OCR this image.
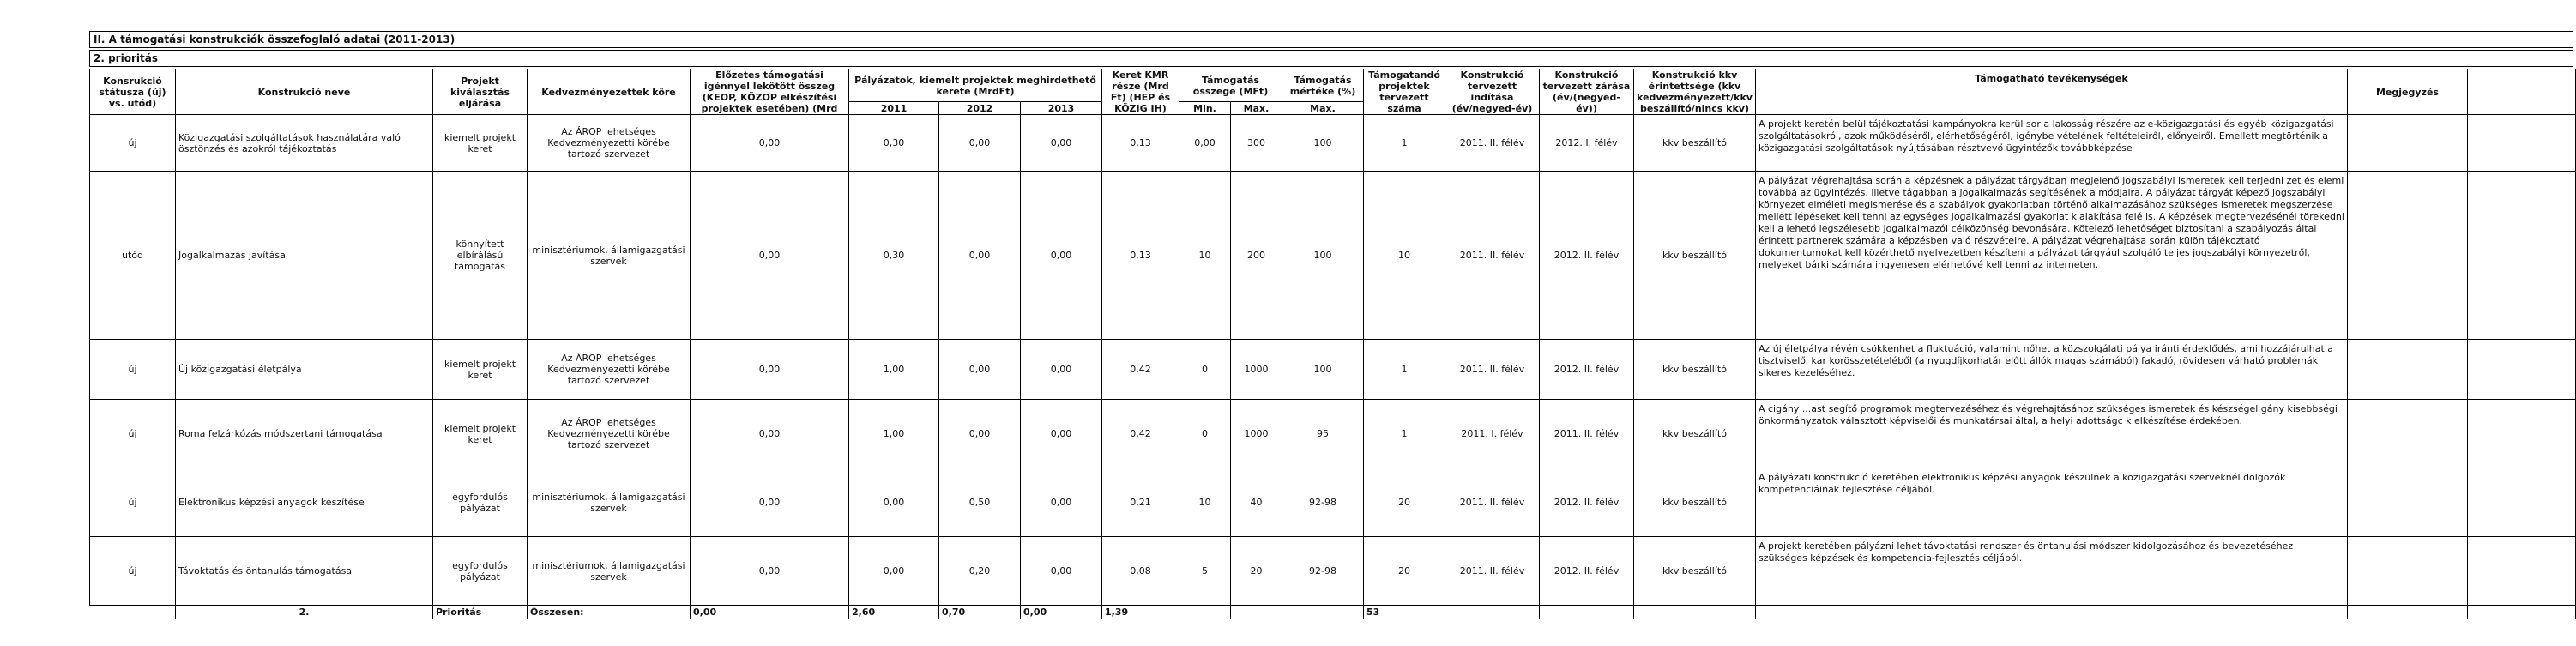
II. A támogatási konstrukciók összefoglaló adatai (2011-2013)
2. prioritás
Konsrukció státusza (új) vs. utód)	Konstrukció neve	Projekt kiválasztás eljárása	Kedvezményezettek köre	Előzetes támogatási igénnyel lekötött összeg (KEOP, KÖZOP elkészítési projektek esetében) (Mrd	Pályázatok, kiemelt projektek meghirdethető kerete (MrdFt)			Keret KMR része (Mrd Ft) (HEP és KÖZIG IH)	Támogatás összege (MFt)		Támogatás mértéke (%)	Támogatandó projektek tervezett száma	Konstrukció tervezett indítása (év/negyed-év)	Konstrukció tervezett zárása (év/(negyed-év))	Konstrukció kkv érintettsége (kkv kedvezményezett/kkv beszállító/nincs kkv)	Támogatható tevékenységek	Megjegyzés	
					2011	2012	2013		Min.	Max.	Max.							
új	Közigazgatási szolgáltatások használatára való ösztönzés és azokról tájékoztatás	kiemelt projekt keret	Az ÁROP lehetséges Kedvezményezetti körébe tartozó szervezet	0,00	0,30	0,00	0,00	0,13	0,00	300	100	1	2011. II. félév	2012. I. félév	kkv beszállító	A projekt keretén belül tájékoztatási kampányokra kerül sor a lakosság részére az e-közigazgatási és egyéb közigazgatási szolgáltatásokról, azok működéséről, elérhetőségéről, igénybe vételének feltételeiről, előnyeiről. Emellett megtörténik a közigazgatási szolgáltatások nyújtásában résztvevő ügyintézők továbbképzése		
utód	Jogalkalmazás javítása	könnyített elbírálású támogatás	minisztériumok, államigazgatási szervek	0,00	0,30	0,00	0,00	0,13	10	200	100	10	2011. II. félév	2012. II. félév	kkv beszállító	A pályázat végrehajtása során a képzésnek a pályázat tárgyában megjelenő jogszabályi ismeretek kell terjedni zet és elemi továbbá az ügyintézés, illetve tágabban a jogalkalmazás segítésének a módjaira. A pályázat tárgyát képező jogszabályi környezet elméleti megismerése és a szabályok gyakorlatban történő alkalmazásához szükséges ismeretek megszerzése mellett lépéseket kell tenni az egységes jogalkalmazási gyakorlat kialakítása felé is. A képzések megtervezésénél törekedni kell a lehető legszélesebb jogalkalmazói célközönség bevonására. Kötelező lehetőséget biztosítani a szabályozás által érintett partnerek számára a képzésben való részvételre. A pályázat végrehajtása során külön tájékoztató dokumentumokat kell közérthető nyelvezetben készíteni a pályázat tárgyául szolgáló teljes jogszabályi környezetről, melyeket bárki számára ingyenesen elérhetővé kell tenni az interneten.		
új	Új közigazgatási életpálya	kiemelt projekt keret	Az ÁROP lehetséges Kedvezményezetti körébe tartozó szervezet	0,00	1,00	0,00	0,00	0,42	0	1000	100	1	2011. II. félév	2012. II. félév	kkv beszállító	Az új életpálya révén csökkenhet a fluktuáció, valamint nőhet a közszolgálati pálya iránti érdeklődés, ami hozzájárulhat a tisztviselői kar korösszetételéből (a nyugdíjkorhatár előtt állók magas számából) fakadó, rövidesen várható problémák sikeres kezeléséhez.		
új	Roma felzárkózás módszertani támogatása	kiemelt projekt keret	Az ÁROP lehetséges Kedvezményezetti körébe tartozó szervezet	0,00	1,00	0,00	0,00	0,42	0	1000	95	1	2011. I. félév	2011. II. félév	kkv beszállító	A cigány ...ast segítő programok megtervezéséhez és végrehajtásához szükséges ismeretek és készségel gány kisebbségi önkormányzatok választott képviselői és munkatársai által, a helyi adottságc k elkészítése érdekében.		
új	Elektronikus képzési anyagok készítése	egyfordulós pályázat	minisztériumok, államigazgatási szervek	0,00	0,00	0,50	0,00	0,21	10	40	92-98	20	2011. II. félév	2012. II. félév	kkv beszállító	A pályázati konstrukció keretében elektronikus képzési anyagok készülnek a közigazgatási szerveknél dolgozók kompetenciáinak fejlesztése céljából.		
új	Távoktatás és öntanulás támogatása	egyfordulós pályázat	minisztériumok, államigazgatási szervek	0,00	0,00	0,20	0,00	0,08	5	20	92-98	20	2011. II. félév	2012. II. félév	kkv beszállító	A projekt keretében pályázni lehet távoktatási rendszer és öntanulási módszer kidolgozásához és bevezetéséhez szükséges képzések és kompetencia-fejlesztés céljából.		
	2.	Prioritás	Összesen:	0,00	2,60	0,70	0,00	1,39				53						
